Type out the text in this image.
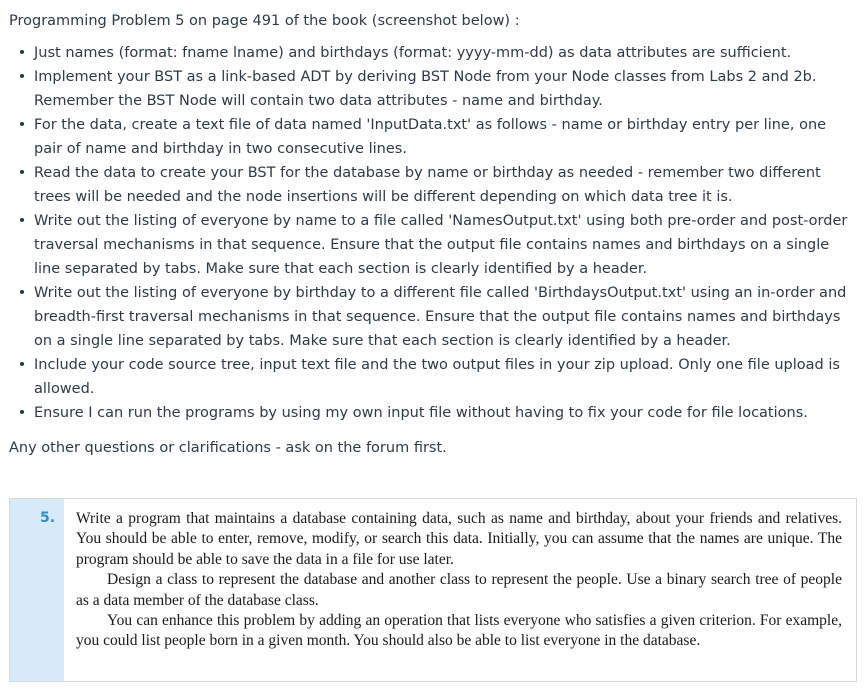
Programming Problem 5 on page 491 of the book (screenshot below) :

• Just names (format: fname lname) and birthdays (format: yyyy-mm-dd) as data attributes are sufficient.
• Implement your BST as a link-based ADT by deriving BST Node from your Node classes from Labs 2 and 2b. Remember the BST Node will contain two data attributes - name and birthday.
• For the data, create a text file of data named 'InputData.txt' as follows - name or birthday entry per line, one pair of name and birthday in two consecutive lines.
• Read the data to create your BST for the database by name or birthday as needed - remember two different trees will be needed and the node insertions will be different depending on which data tree it is.
• Write out the listing of everyone by name to a file called 'NamesOutput.txt' using both pre-order and post-order traversal mechanisms in that sequence. Ensure that the output file contains names and birthdays on a single line separated by tabs. Make sure that each section is clearly identified by a header.
• Write out the listing of everyone by birthday to a different file called 'BirthdaysOutput.txt' using an in-order and breadth-first traversal mechanisms in that sequence. Ensure that the output file contains names and birthdays on a single line separated by tabs. Make sure that each section is clearly identified by a header.
• Include your code source tree, input text file and the two output files in your zip upload. Only one file upload is allowed.
• Ensure I can run the programs by using my own input file without having to fix your code for file locations.

Any other questions or clarifications - ask on the forum first.

5. Write a program that maintains a database containing data, such as name and birthday, about your friends and relatives. You should be able to enter, remove, modify, or search this data. Initially, you can assume that the names are unique. The program should be able to save the data in a file for use later.

Design a class to represent the database and another class to represent the people. Use a binary search tree of people as a data member of the database class.

You can enhance this problem by adding an operation that lists everyone who satisfies a given criterion. For example, you could list people born in a given month. You should also be able to list everyone in the database.
